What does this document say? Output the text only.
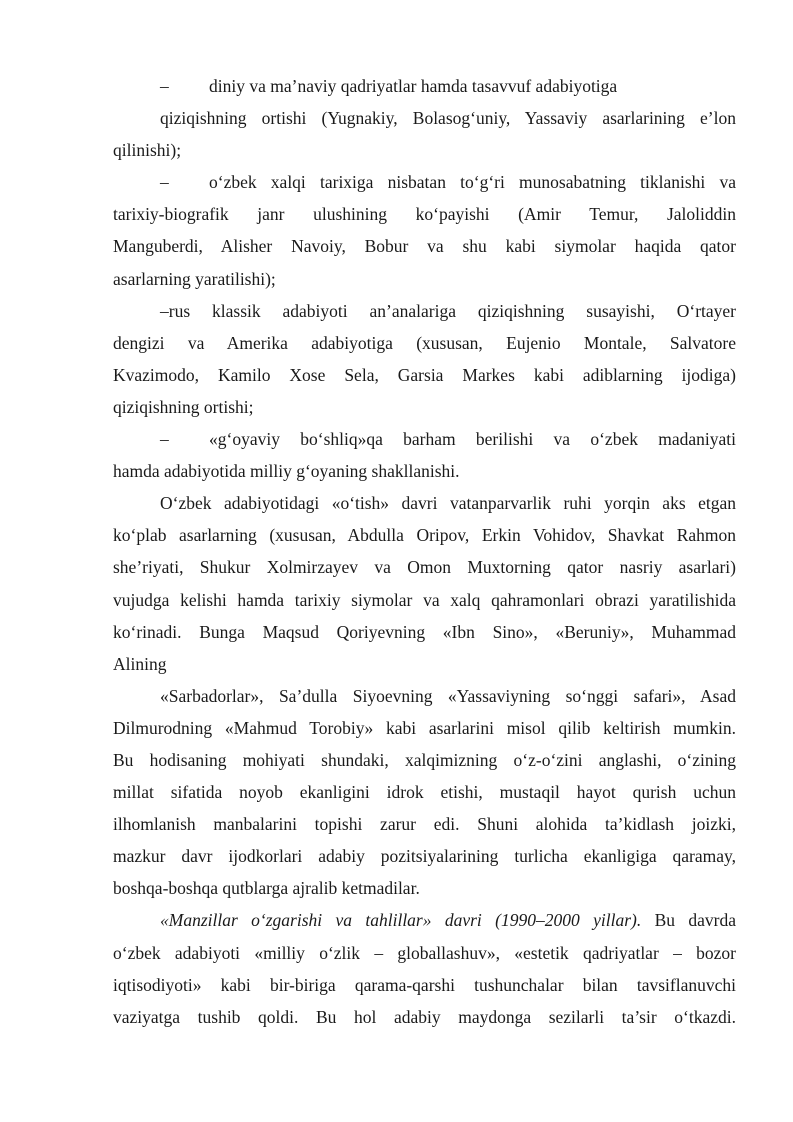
–	diniy va ma’naviy qadriyatlar hamda tasavvuf adabiyotiga
qiziqishning ortishi (Yugnakiy, Bolasog‘uniy, Yassaviy asarlarining e’lon
qilinishi);
–	o‘zbek xalqi tarixiga nisbatan to‘g‘ri munosabatning tiklanishi va
tarixiy-biografik janr ulushining ko‘payishi (Amir Temur, Jaloliddin
Manguberdi, Alisher Navoiy, Bobur va shu kabi siymolar haqida qator
asarlarning yaratilishi);
–rus klassik adabiyoti an’analariga qiziqishning susayishi, O‘rtayer
dengizi va Amerika adabiyotiga (xususan, Eujenio Montale, Salvatore
Kvazimodo, Kamilo Xose Sela, Garsia Markes kabi adiblarning ijodiga)
qiziqishning ortishi;
–	«g‘oyaviy bo‘shliq»qa barham berilishi va o‘zbek madaniyati
hamda adabiyotida milliy g‘oyaning shakllanishi.
O‘zbek adabiyotidagi «o‘tish» davri vatanparvarlik ruhi yorqin aks etgan
ko‘plab asarlarning (xususan, Abdulla Oripov, Erkin Vohidov, Shavkat Rahmon
she’riyati, Shukur Xolmirzayev va Omon Muxtorning qator nasriy asarlari)
vujudga kelishi hamda tarixiy siymolar va xalq qahramonlari obrazi yaratilishida
ko‘rinadi. Bunga Maqsud Qoriyevning «Ibn Sino», «Beruniy», Muhammad
Alining
«Sarbadorlar», Sa’dulla Siyoevning «Yassaviyning so‘nggi safari», Asad
Dilmurodning «Mahmud Torobiy» kabi asarlarini misol qilib keltirish mumkin.
Bu hodisaning mohiyati shundaki, xalqimizning o‘z-o‘zini anglashi, o‘zining
millat sifatida noyob ekanligini idrok etishi, mustaqil hayot qurish uchun
ilhomlanish manbalarini topishi zarur edi. Shuni alohida ta’kidlash joizki,
mazkur davr ijodkorlari adabiy pozitsiyalarining turlicha ekanligiga qaramay,
boshqa-boshqa qutblarga ajralib ketmadilar.
«Manzillar o‘zgarishi va tahlillar» davri (1990–2000 yillar). Bu davrda
o‘zbek adabiyoti «milliy o‘zlik – globallashuv», «estetik qadriyatlar – bozor
iqtisodiyoti» kabi bir-biriga qarama-qarshi tushunchalar bilan tavsiflanuvchi
vaziyatga tushib qoldi. Bu hol adabiy maydonga sezilarli ta’sir o‘tkazdi.
